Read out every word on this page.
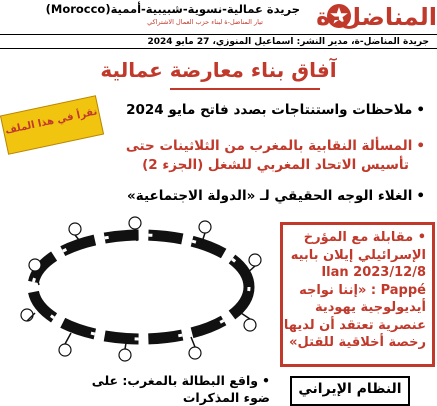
جريدة عمالية-نسوية-شبيبية-أممية(Morocco)
تيار المناضل-ة لبناء حزب العمال الاشتراكي	المناضل-ة
جريدة المناضل-ة، مدير النشر: اسماعيل المنوزي، 27 مايو 2024
آفاق بناء معارضة عمالية
نقرأ في هذا الملف	•ملاحظات واستنتاجات بصدد فاتح مايو 2024
•المسألة النقابية بالمغرب من الثلاثينات حتى
تأسيس الاتحاد المغربي للشغل (الجزء 2)
•الغلاء الوجه الحقيقي لـ «الدولة الاجتماعية»

• مقابلة مع المؤرخ

الإسرائيلي إيلان بابيه

Ilan 2023/12/8

Pappé : «إننا نواجه

أيديولوجية يهودية

عنصرية تعتقد أن لديها

رخصة أخلاقية للقتل»

•واقع البطالة بالمغرب: على ضوء المذكرات
النظام الإيراني
